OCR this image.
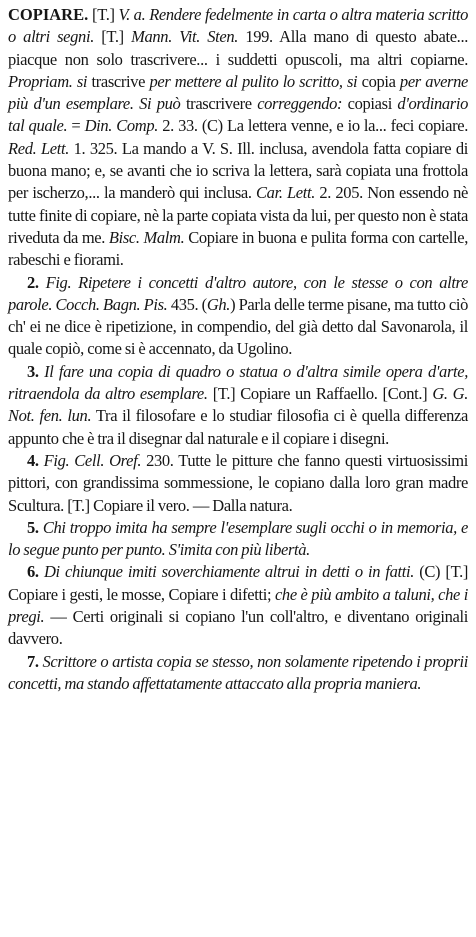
COPIARE. [T.] V. a. Rendere fedelmente in carta o altra materia scritto o altri segni. [T.] Mann. Vit. Sten. 199. Alla mano di questo abate... piacque non solo trascrivere... i suddetti opuscoli, ma altri copiarne. Propriam. si trascrive per mettere al pulito lo scritto, si copia per averne più d'un esemplare. Si può trascrivere correggendo: copiasi d'ordinario tal quale. = Din. Comp. 2. 33. (C) La lettera venne, e io la... feci copiare. Red. Lett. 1. 325. La mando a V. S. Ill. inclusa, avendola fatta copiare di buona mano; e, se avanti che io scriva la lettera, sarà copiata una frottola per ischerzo,... la manderò qui inclusa. Car. Lett. 2. 205. Non essendo nè tutte finite di copiare, nè la parte copiata vista da lui, per questo non è stata riveduta da me. Bisc. Malm. Copiare in buona e pulita forma con cartelle, rabeschi e fiorami.

2. Fig. Ripetere i concetti d'altro autore, con le stesse o con altre parole. Cocch. Bagn. Pis. 435. (Gh.) Parla delle terme pisane, ma tutto ciò ch' ei ne dice è ripetizione, in compendio, del già detto dal Savonarola, il quale copiò, come si è accennato, da Ugolino.

3. Il fare una copia di quadro o statua o d'altra simile opera d'arte, ritraendola da altro esemplare. [T.] Copiare un Raffaello. [Cont.] G. G. Not. fen. lun. Tra il filosofare e lo studiar filosofia ci è quella differenza appunto che è tra il disegnar dal naturale e il copiare i disegni.

4. Fig. Cell. Oref. 230. Tutte le pitture che fanno questi virtuosissimi pittori, con grandissima sommessione, le copiano dalla loro gran madre Scultura. [T.] Copiare il vero. — Dalla natura.

5. Chi troppo imita ha sempre l'esemplare sugli occhi o in memoria, e lo segue punto per punto. S'imita con più libertà.

6. Di chiunque imiti soverchiamente altrui in detti o in fatti. (C) [T.] Copiare i gesti, le mosse, Copiare i difetti; che è più ambito a taluni, che i pregi. — Certi originali si copiano l'un coll'altro, e diventano originali davvero.

7. Scrittore o artista copia se stesso, non solamente ripetendo i proprii concetti, ma stando affettatamente attaccato alla propria maniera.
